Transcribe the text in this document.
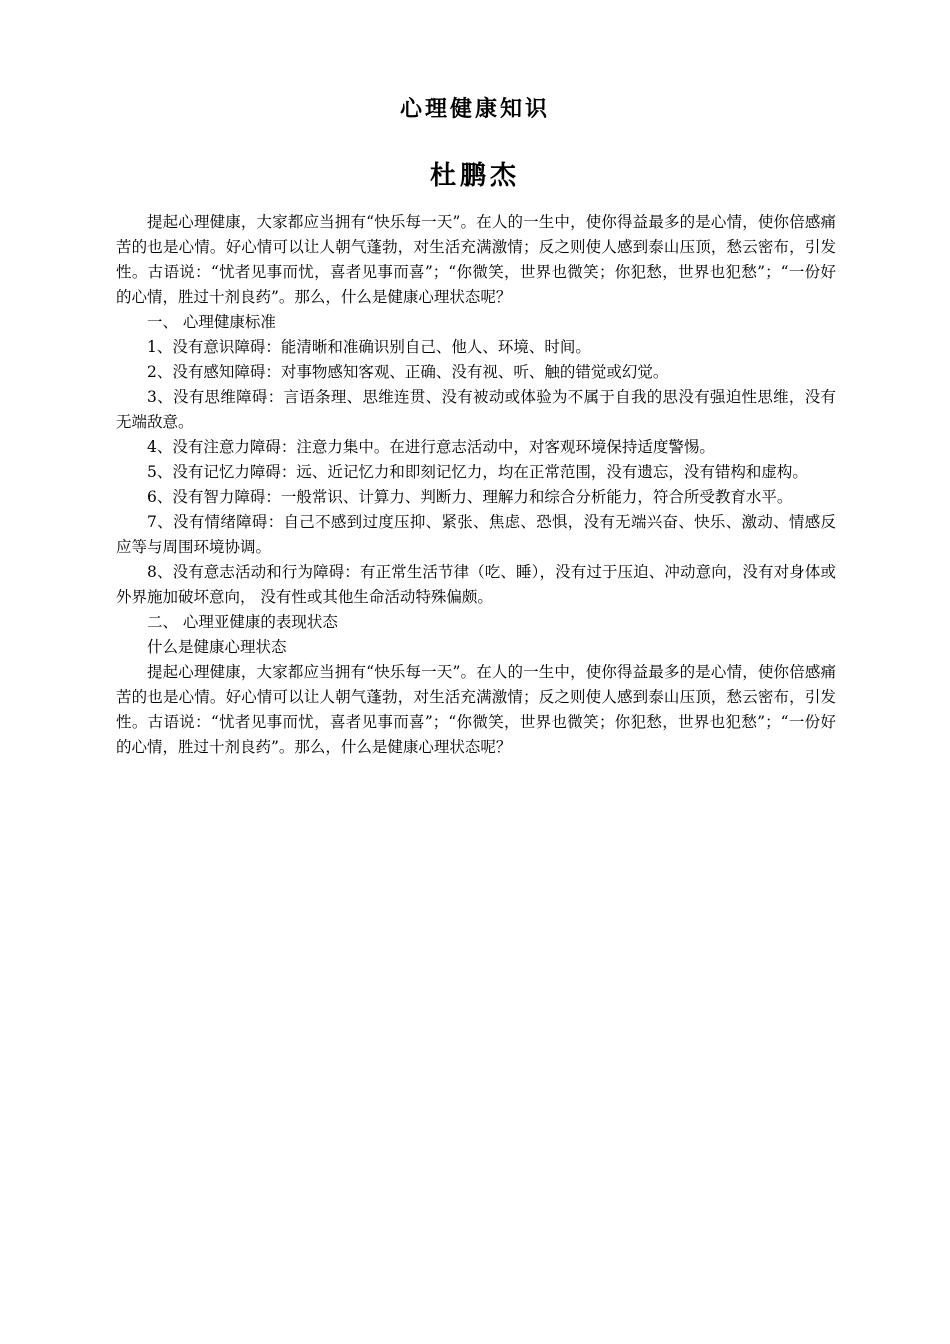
心理健康知识
杜鹏杰

提起心理健康，大家都应当拥有“快乐每一天”。在人的一生中，使你得益最多的是心情，使你倍感痛苦的也是心情。好心情可以让人朝气蓬勃，对生活充满激情；反之则使人感到泰山压顶，愁云密布，引发性。古语说：“忧者见事而忧，喜者见事而喜”；“你微笑，世界也微笑；你犯愁，世界也犯愁”；“一份好的心情，胜过十剂良药”。那么，什么是健康心理状态呢？

一、 心理健康标准

1、没有意识障碍：能清晰和准确识别自己、他人、环境、时间。

2、没有感知障碍：对事物感知客观、正确、没有视、听、触的错觉或幻觉。

3、没有思维障碍：言语条理、思维连贯、没有被动或体验为不属于自我的思没有强迫性思维，没有无端敌意。

4、没有注意力障碍：注意力集中。在进行意志活动中，对客观环境保持适度警惕。

5、没有记忆力障碍：远、近记忆力和即刻记忆力，均在正常范围，没有遗忘，没有错构和虚构。

6、没有智力障碍：一般常识、计算力、判断力、理解力和综合分析能力，符合所受教育水平。

7、没有情绪障碍：自己不感到过度压抑、紧张、焦虑、恐惧，没有无端兴奋、快乐、激动、情感反应等与周围环境协调。

8、没有意志活动和行为障碍：有正常生活节律（吃、睡），没有过于压迫、冲动意向，没有对身体或外界施加破坏意向， 没有性或其他生命活动特殊偏颇。

二、 心理亚健康的表现状态

什么是健康心理状态

提起心理健康，大家都应当拥有“快乐每一天”。在人的一生中，使你得益最多的是心情，使你倍感痛苦的也是心情。好心情可以让人朝气蓬勃，对生活充满激情；反之则使人感到泰山压顶，愁云密布，引发性。古语说：“忧者见事而忧，喜者见事而喜”；“你微笑，世界也微笑；你犯愁，世界也犯愁”；“一份好的心情，胜过十剂良药”。那么，什么是健康心理状态呢？
